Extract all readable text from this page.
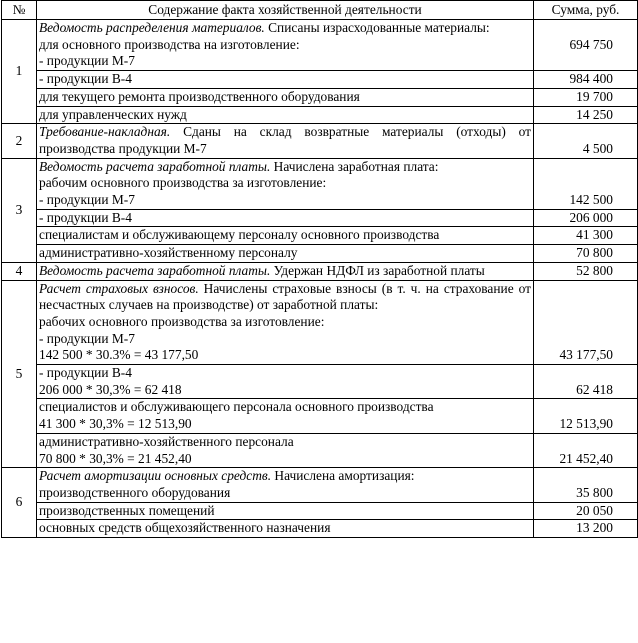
№	Содержание факта хозяйственной деятельности	Сумма, руб.
1	Ведомость распределения материалов. Списаны израсходованные материалы:
для основного производства на изготовление:
- продукции М-7	694 750
	- продукции В-4	984 400
	для текущего ремонта производственного оборудования	19 700
	для управленческих нужд	14 250
2	Требование-накладная. Сданы на склад возвратные материалы (отходы) от производства продукции М-7	4 500
3	Ведомость расчета заработной платы. Начислена заработная плата:
рабочим основного производства за изготовление:
- продукции М-7	142 500
	- продукции В-4	206 000
	специалистам и обслуживающему персоналу основного производства	41 300
	административно-хозяйственному персоналу	70 800
4	Ведомость расчета заработной платы. Удержан НДФЛ из заработной платы	52 800
5	Расчет страховых взносов. Начислены страховые взносы (в т. ч. на страхование от несчастных случаев на производстве) от заработной платы:
рабочих основного производства за изготовление:
- продукции М-7
142 500 * 30.3% = 43 177,50	43 177,50

	- продукции В-4
206 000 * 30,3% = 62 418	62 418

	специалистов и обслуживающего персонала основного производства
41 300 * 30,3% = 12 513,90	12 513,90

	административно-хозяйственного персонала
70 800 * 30,3% = 21 452,40	21 452,40
6	Расчет амортизации основных средств. Начислена амортизация:
производственного оборудования	35 800
	производственных помещений	20 050
	основных средств общехозяйственного назначения	13 200
